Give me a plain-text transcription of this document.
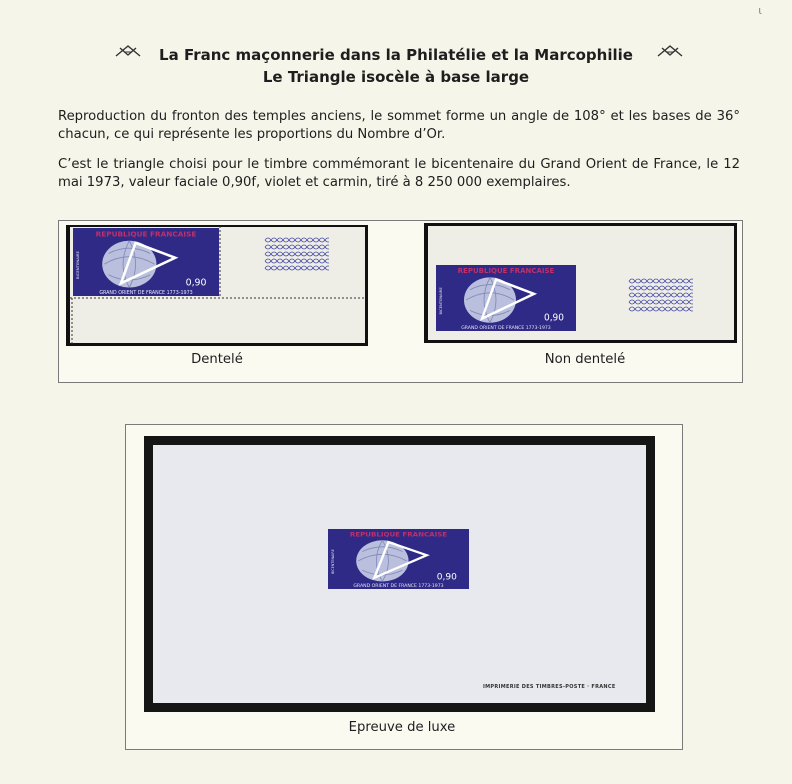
ι
La Franc maçonnerie dans la Philatélie et la Marcophilie
Le Triangle isocèle à base large
Reproduction du fronton des temples anciens, le sommet forme un angle de 108° et les bases de 36° chacun, ce qui représente les proportions du Nombre d’Or.
C’est le triangle choisi pour le timbre commémorant le bicentenaire du Grand Orient de France, le 12 mai 1973, valeur faciale 0,90f, violet et carmin, tiré à 8 250 000 exemplaires.
Dentelé	Non dentelé
Epreuve de luxe
IMPRIMERIE DES TIMBRES-POSTE · FRANCE
REPUBLIQUE FRANCAISE
0,90
GRAND ORIENT DE FRANCE 1773-1973
BICENTENAIRE	REPUBLIQUE FRANCAISE
0,90
GRAND ORIENT DE FRANCE 1773-1973
BICENTENAIRE
REPUBLIQUE FRANCAISE
0,90
GRAND ORIENT DE FRANCE 1773-1973
BICENTENAIRE
